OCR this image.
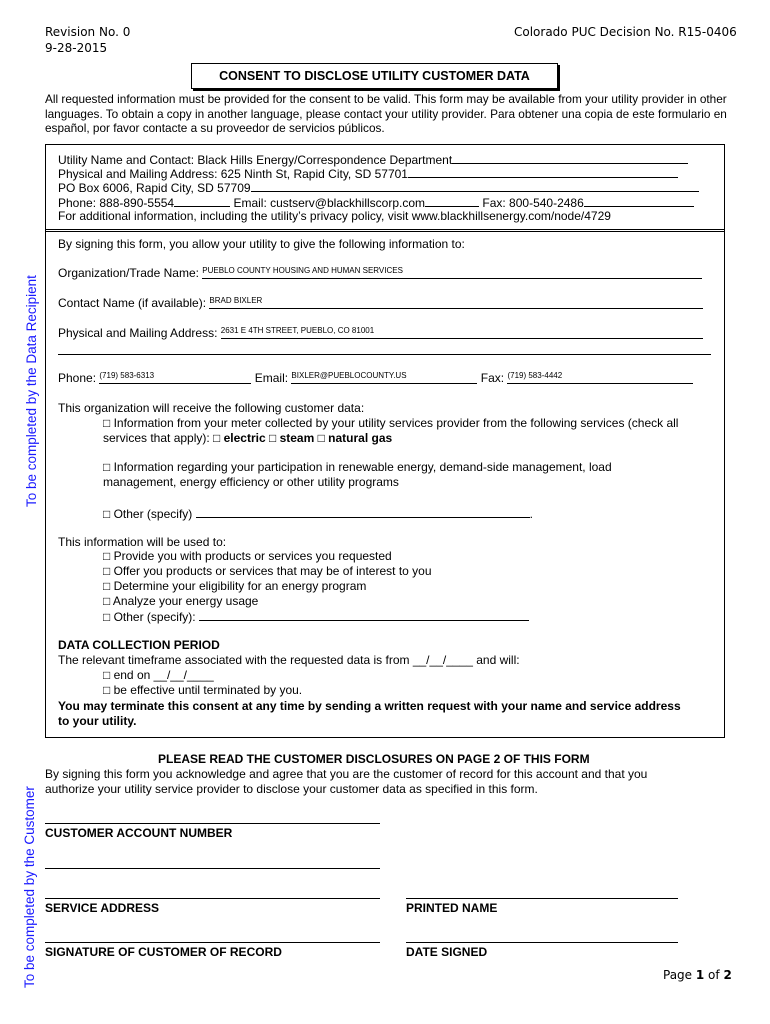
Revision No. 0
9-28-2015
Colorado PUC Decision No. R15-0406
CONSENT TO DISCLOSE UTILITY CUSTOMER DATA
All requested information must be provided for the consent to be valid. This form may be available from your utility provider in other languages. To obtain a copy in another language, please contact your utility provider. Para obtener una copia de este formulario en español, por favor contacte a su proveedor de servicios públicos.
Utility Name and Contact: Black Hills Energy/Correspondence Department
Physical and Mailing Address: 625 Ninth St, Rapid City, SD 57701
PO Box 6006, Rapid City, SD 57709
Phone: 888-890-5554	Email: custserv@blackhillscorp.com	Fax: 800-540-2486
For additional information, including the utility’s privacy policy, visit www.blackhillsenergy.com/node/4729
To be completed by the Data Recipient
By signing this form, you allow your utility to give the following information to:
Organization/Trade Name: $^{PUEBLO COUNTY HOUSING AND HUMAN SERVICES}$
Contact Name (if available): $^{BRAD BIXLER}$
Physical and Mailing Address: $^{2631 E 4TH STREET, PUEBLO, CO 81001}$
Phone: $^{(719) 583-6313}$	Email: $^{BIXLER@PUEBLOCOUNTY.US}$	Fax: $^{(719) 583-4442}$
This organization will receive the following customer data:
□ Information from your meter collected by your utility services provider from the following services (check all
services that apply): □ electric □ steam □ natural gas
□ Information regarding your participation in renewable energy, demand-side management, load
management, energy efficiency or other utility programs
□ Other (specify)	.
This information will be used to:
□ Provide you with products or services you requested
□ Offer you products or services that may be of interest to you
□ Determine your eligibility for an energy program
□ Analyze your energy usage
□ Other (specify):
DATA COLLECTION PERIOD
The relevant timeframe associated with the requested data is from __/__/____ and will:
□ end on __/__/____
□ be effective until terminated by you.
You may terminate this consent at any time by sending a written request with your name and service address
to your utility.
To be completed by the Customer
PLEASE READ THE CUSTOMER DISCLOSURES ON PAGE 2 OF THIS FORM
By signing this form you acknowledge and agree that you are the customer of record for this account and that you
authorize your utility service provider to disclose your customer data as specified in this form.
CUSTOMER ACCOUNT NUMBER
SERVICE ADDRESS	PRINTED NAME
SIGNATURE OF CUSTOMER OF RECORD	DATE SIGNED
Page 1 of 2
